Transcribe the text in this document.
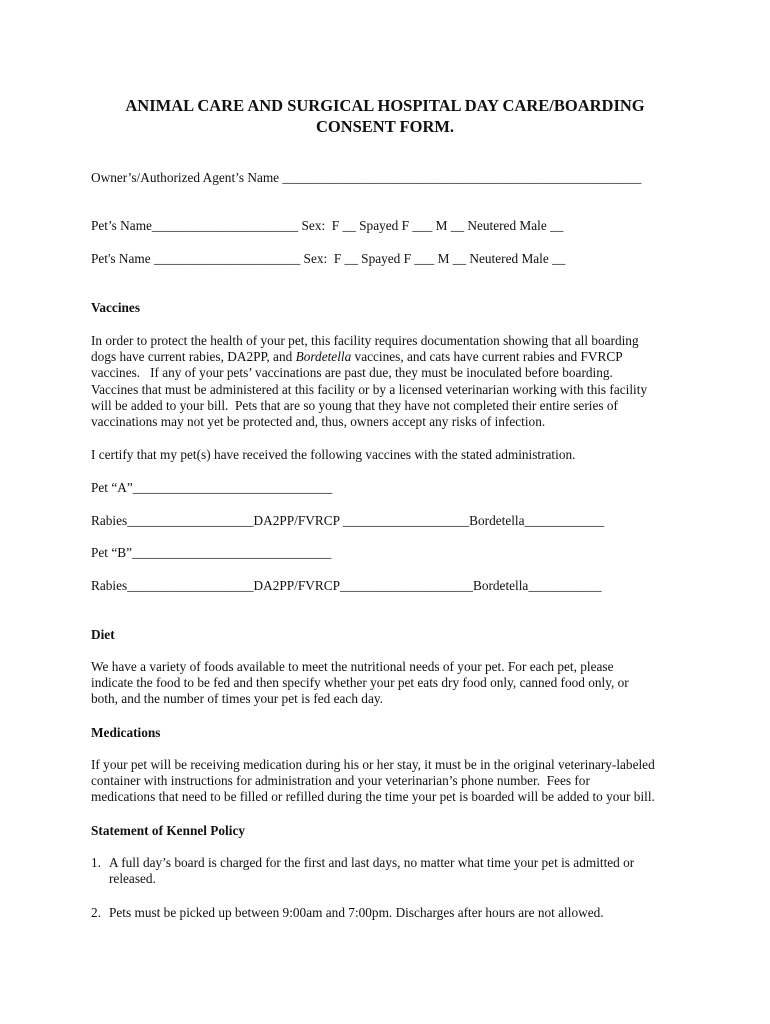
ANIMAL CARE AND SURGICAL HOSPITAL DAY CARE/BOARDING
CONSENT FORM.
Owner’s/Authorized Agent’s Name ______________________________________________________
Pet’s Name______________________ Sex:  F __ Spayed F ___ M __ Neutered Male __
Pet's Name ______________________ Sex:  F __ Spayed F ___ M __ Neutered Male __
Vaccines
In order to protect the health of your pet, this facility requires documentation showing that all boarding
dogs have current rabies, DA2PP, and Bordetella vaccines, and cats have current rabies and FVRCP
vaccines.   If any of your pets’ vaccinations are past due, they must be inoculated before boarding.
Vaccines that must be administered at this facility or by a licensed veterinarian working with this facility
will be added to your bill.  Pets that are so young that they have not completed their entire series of
vaccinations may not yet be protected and, thus, owners accept any risks of infection.
I certify that my pet(s) have received the following vaccines with the stated administration.
Pet “A”______________________________
Rabies___________________DA2PP/FVRCP ___________________Bordetella____________
Pet “B”______________________________
Rabies___________________DA2PP/FVRCP____________________Bordetella___________
Diet
We have a variety of foods available to meet the nutritional needs of your pet. For each pet, please
indicate the food to be fed and then specify whether your pet eats dry food only, canned food only, or
both, and the number of times your pet is fed each day.
Medications
If your pet will be receiving medication during his or her stay, it must be in the original veterinary-labeled
container with instructions for administration and your veterinarian’s phone number.  Fees for
medications that need to be filled or refilled during the time your pet is boarded will be added to your bill.
Statement of Kennel Policy
1. A full day’s board is charged for the first and last days, no matter what time your pet is admitted or
released.
2. Pets must be picked up between 9:00am and 7:00pm. Discharges after hours are not allowed.
